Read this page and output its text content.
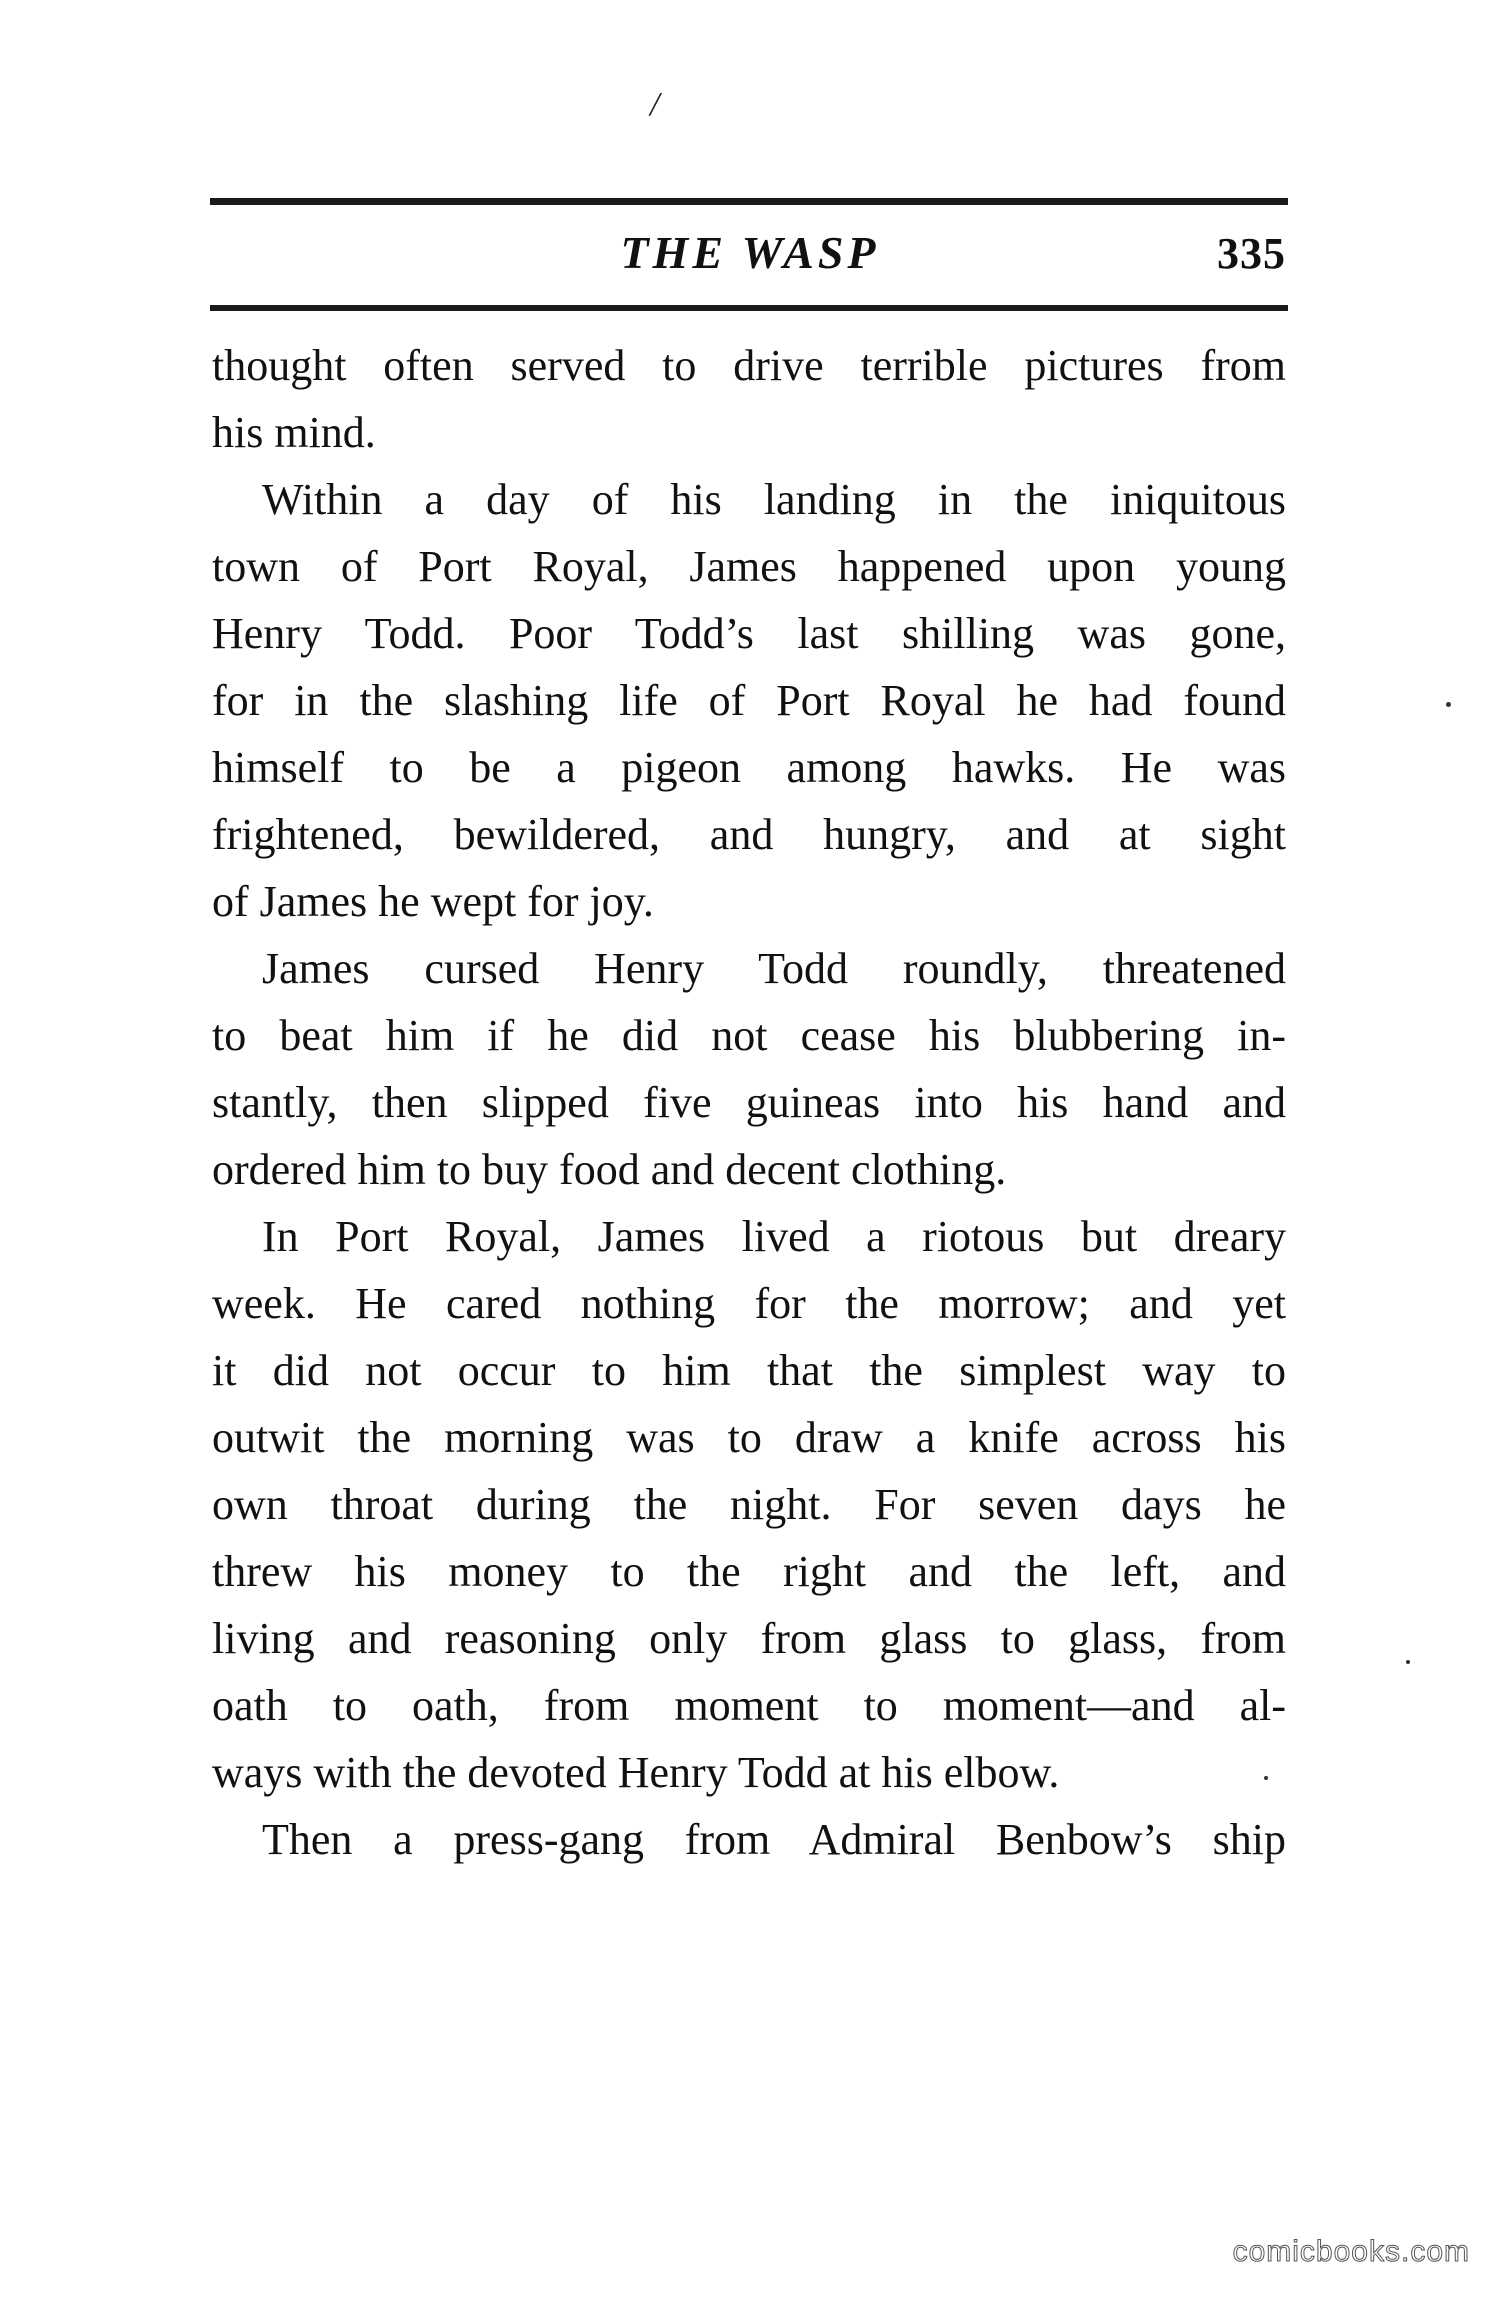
/
THE WASP	335
thought often served to drive terrible pictures from
his mind.
Within a day of his landing in the iniquitous
town of Port Royal, James happened upon young
Henry Todd. Poor Todd’s last shilling was gone,
for in the slashing life of Port Royal he had found
himself to be a pigeon among hawks. He was
frightened, bewildered, and hungry, and at sight
of James he wept for joy.
James cursed Henry Todd roundly, threatened
to beat him if he did not cease his blubbering in-
stantly, then slipped five guineas into his hand and
ordered him to buy food and decent clothing.
In Port Royal, James lived a riotous but dreary
week. He cared nothing for the morrow; and yet
it did not occur to him that the simplest way to
outwit the morning was to draw a knife across his
own throat during the night. For seven days he
threw his money to the right and the left, and
living and reasoning only from glass to glass, from
oath to oath, from moment to moment—and al-
ways with the devoted Henry Todd at his elbow.
Then a press-gang from Admiral Benbow’s ship
comicbooks.com
